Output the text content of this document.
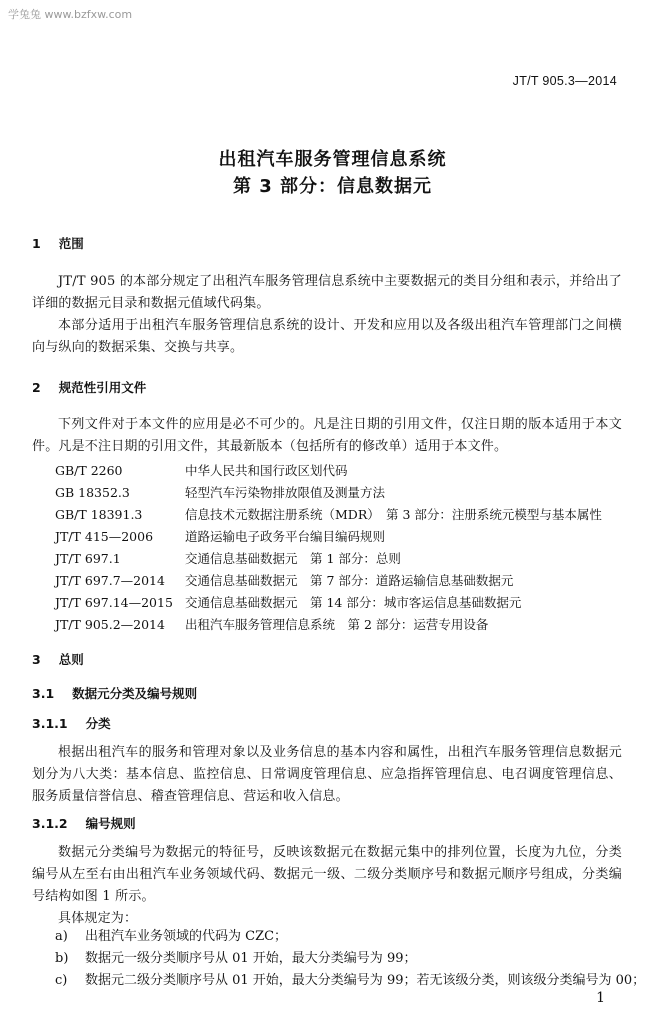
学兔兔 www.bzfxw.com
JT/T 905.3—2014
出租汽车服务管理信息系统
第 3 部分：信息数据元
1 范围

JT/T 905 的本部分规定了出租汽车服务管理信息系统中主要数据元的类目分组和表示，并给出了详细的数据元目录和数据元值域代码集。

本部分适用于出租汽车服务管理信息系统的设计、开发和应用以及各级出租汽车管理部门之间横向与纵向的数据采集、交换与共享。

2 规范性引用文件

下列文件对于本文件的应用是必不可少的。凡是注日期的引用文件，仅注日期的版本适用于本文件。凡是不注日期的引用文件，其最新版本（包括所有的修改单）适用于本文件。

GB/T 2260	中华人民共和国行政区划代码
GB 18352.3	轻型汽车污染物排放限值及测量方法
GB/T 18391.3	信息技术元数据注册系统（MDR）　第 3 部分：注册系统元模型与基本属性
JT/T 415—2006	道路运输电子政务平台编目编码规则
JT/T 697.1	交通信息基础数据元　第 1 部分：总则
JT/T 697.7—2014 交通信息基础数据元　第 7 部分：道路运输信息基础数据元
JT/T 697.14—2015 交通信息基础数据元　第 14 部分：城市客运信息基础数据元
JT/T 905.2—2014 出租汽车服务管理信息系统　第 2 部分：运营专用设备
3 总则
3.1 数据元分类及编号规则
3.1.1 分类

根据出租汽车的服务和管理对象以及业务信息的基本内容和属性，出租汽车服务管理信息数据元划分为八大类：基本信息、监控信息、日常调度管理信息、应急指挥管理信息、电召调度管理信息、服务质量信誉信息、稽查管理信息、营运和收入信息。

3.1.2 编号规则

数据元分类编号为数据元的特征号，反映该数据元在数据元集中的排列位置，长度为九位，分类编号从左至右由出租汽车业务领域代码、数据元一级、二级分类顺序号和数据元顺序号组成，分类编号结构如图 1 所示。

具体规定为：

a) 出租汽车业务领域的代码为 CZC；
b) 数据元一级分类顺序号从 01 开始，最大分类编号为 99；
c) 数据元二级分类顺序号从 01 开始，最大分类编号为 99；若无该级分类，则该级分类编号为 00；
1
